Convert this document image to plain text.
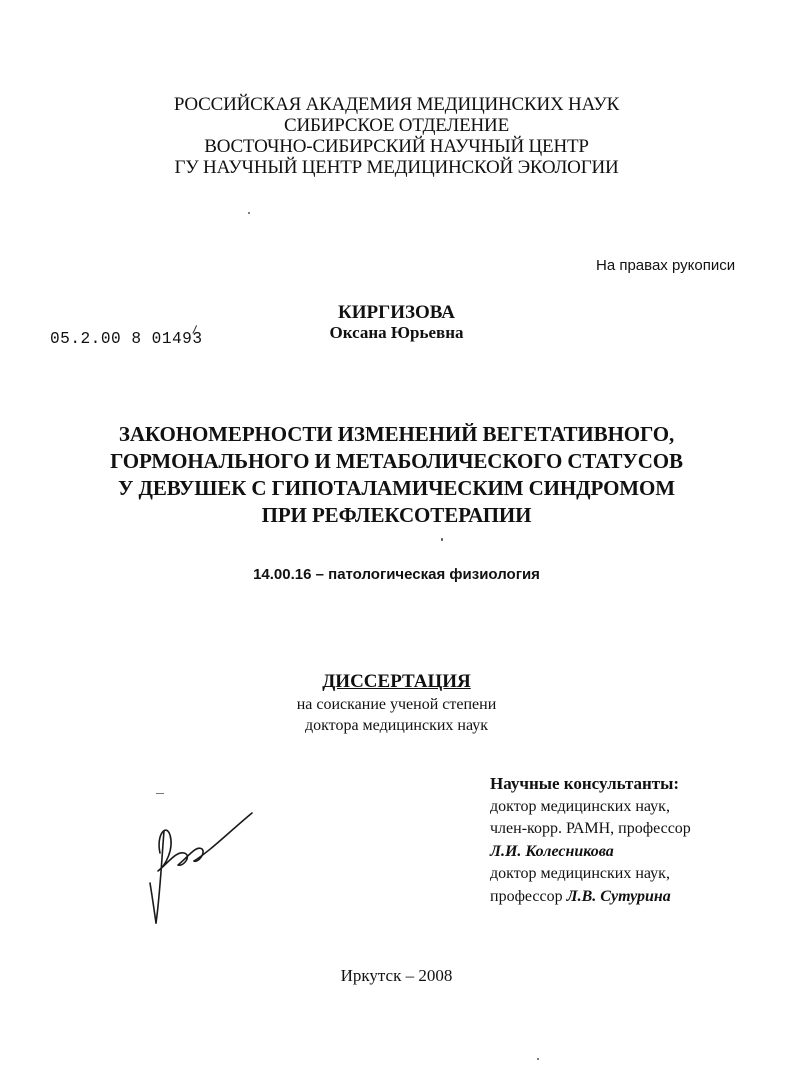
РОССИЙСКАЯ АКАДЕМИЯ МЕДИЦИНСКИХ НАУК
СИБИРСКОЕ ОТДЕЛЕНИЕ
ВОСТОЧНО-СИБИРСКИЙ НАУЧНЫЙ ЦЕНТР
ГУ НАУЧНЫЙ ЦЕНТР МЕДИЦИНСКОЙ ЭКОЛОГИИ
На правах рукописи
КИРГИЗОВА
Оксана Юрьевна
05.2.00 8 01493
ЗАКОНОМЕРНОСТИ ИЗМЕНЕНИЙ ВЕГЕТАТИВНОГО,
ГОРМОНАЛЬНОГО И МЕТАБОЛИЧЕСКОГО СТАТУСОВ
У ДЕВУШЕК С ГИПОТАЛАМИЧЕСКИМ СИНДРОМОМ
ПРИ РЕФЛЕКСОТЕРАПИИ
14.00.16 – патологическая физиология
ДИССЕРТАЦИЯ
на соискание ученой степени
доктора медицинских наук
Научные консультанты:
доктор медицинских наук,
член-корр. РАМН, профессор
Л.И. Колесникова
доктор медицинских наук,
профессор Л.В. Сутурина
Иркутск – 2008
